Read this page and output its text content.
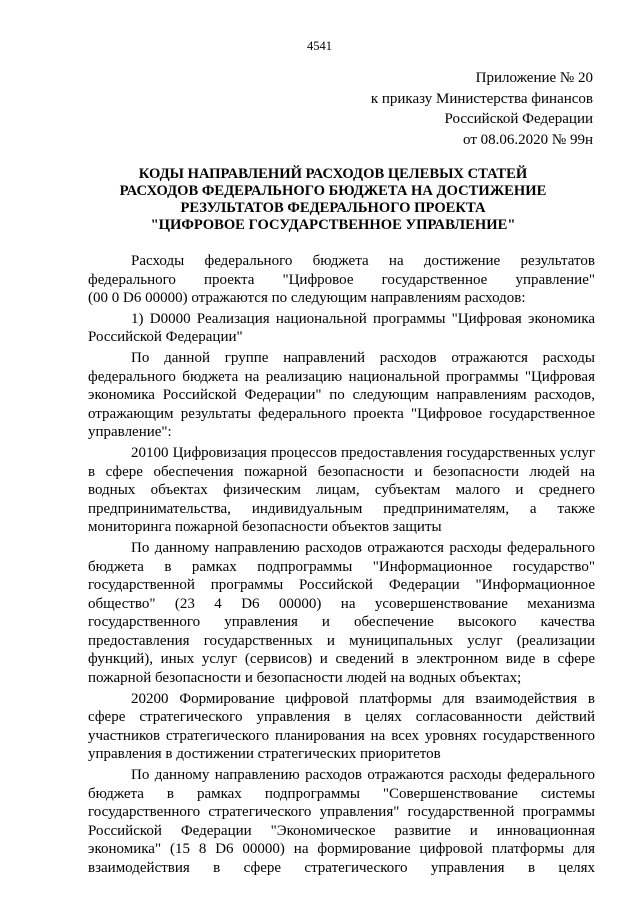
4541
Приложение № 20
к приказу Министерства финансов
Российской Федерации
от 08.06.2020 № 99н
КОДЫ НАПРАВЛЕНИЙ РАСХОДОВ ЦЕЛЕВЫХ СТАТЕЙ
РАСХОДОВ ФЕДЕРАЛЬНОГО БЮДЖЕТА НА ДОСТИЖЕНИЕ
РЕЗУЛЬТАТОВ ФЕДЕРАЛЬНОГО ПРОЕКТА
"ЦИФРОВОЕ ГОСУДАРСТВЕННОЕ УПРАВЛЕНИЕ"
Расходы федерального бюджета на достижение результатов
федерального проекта "Цифровое государственное управление"
(00 0 D6 00000) отражаются по следующим направлениям расходов:
1) D0000 Реализация национальной программы "Цифровая экономика
Российской Федерации"
По данной группе направлений расходов отражаются расходы
федерального бюджета на реализацию национальной программы "Цифровая
экономика Российской Федерации" по следующим направлениям расходов,
отражающим результаты федерального проекта "Цифровое государственное
управление":
20100 Цифровизация процессов предоставления государственных услуг
в сфере обеспечения пожарной безопасности и безопасности людей на
водных объектах физическим лицам, субъектам малого и среднего
предпринимательства, индивидуальным предпринимателям, а также
мониторинга пожарной безопасности объектов защиты
По данному направлению расходов отражаются расходы федерального
бюджета в рамках подпрограммы "Информационное государство"
государственной программы Российской Федерации "Информационное
общество" (23 4 D6 00000) на усовершенствование механизма
государственного управления и обеспечение высокого качества
предоставления государственных и муниципальных услуг (реализации
функций), иных услуг (сервисов) и сведений в электронном виде в сфере
пожарной безопасности и безопасности людей на водных объектах;
20200 Формирование цифровой платформы для взаимодействия в
сфере стратегического управления в целях согласованности действий
участников стратегического планирования на всех уровнях государственного
управления в достижении стратегических приоритетов
По данному направлению расходов отражаются расходы федерального
бюджета в рамках подпрограммы "Совершенствование системы
государственного стратегического управления" государственной программы
Российской Федерации "Экономическое развитие и инновационная
экономика" (15 8 D6 00000) на формирование цифровой платформы для
взаимодействия в сфере стратегического управления в целях
